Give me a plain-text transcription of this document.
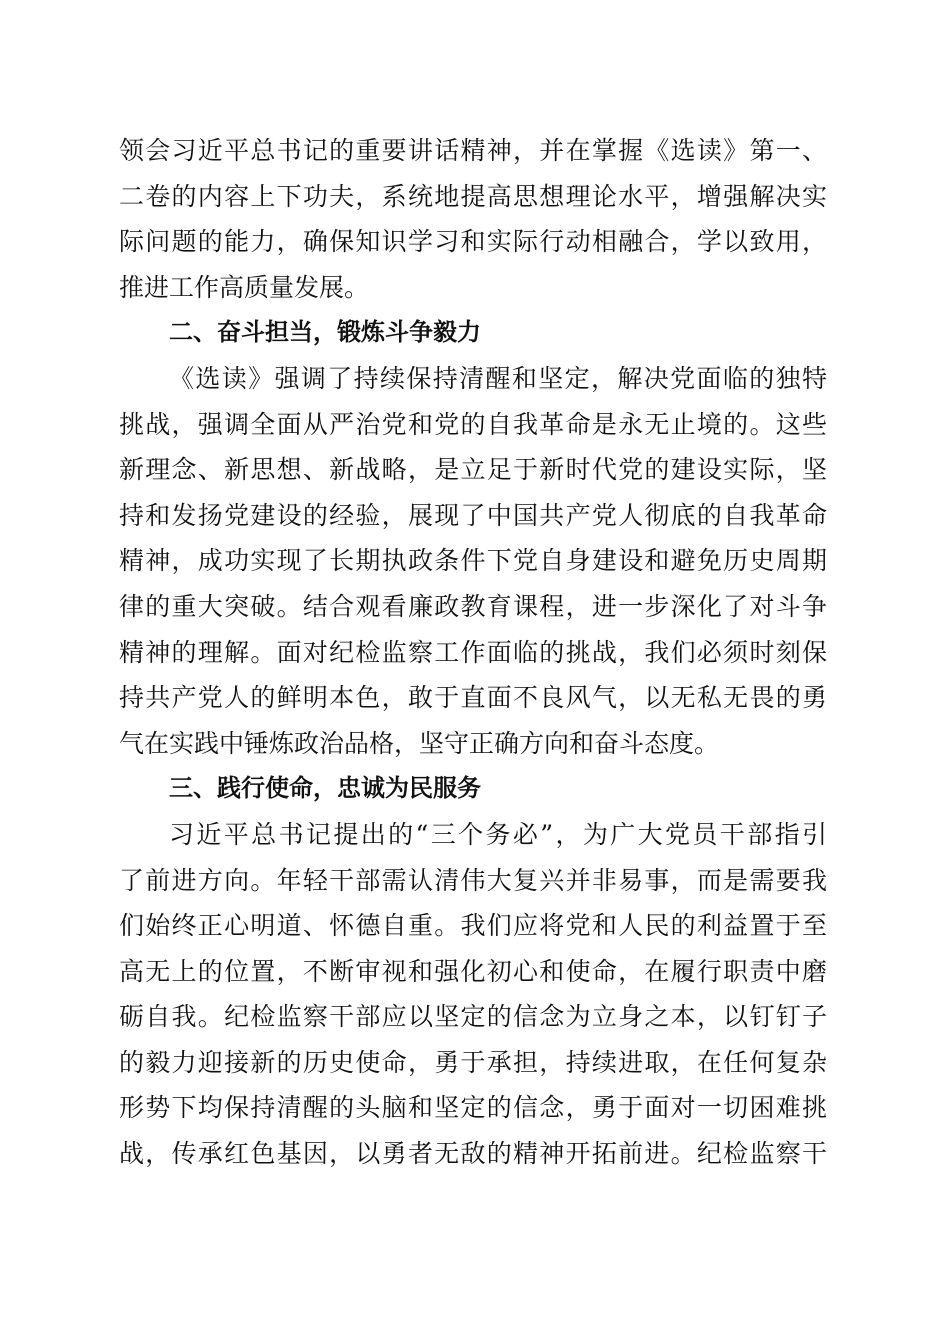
领会习近平总书记的重要讲话精神，并在掌握《选读》第一、
二卷的内容上下功夫，系统地提高思想理论水平，增强解决实
际问题的能力，确保知识学习和实际行动相融合，学以致用，
推进工作高质量发展。
二、奋斗担当，锻炼斗争毅力
《选读》强调了持续保持清醒和坚定，解决党面临的独特
挑战，强调全面从严治党和党的自我革命是永无止境的。这些
新理念、新思想、新战略，是立足于新时代党的建设实际，坚
持和发扬党建设的经验，展现了中国共产党人彻底的自我革命
精神，成功实现了长期执政条件下党自身建设和避免历史周期
律的重大突破。结合观看廉政教育课程，进一步深化了对斗争
精神的理解。面对纪检监察工作面临的挑战，我们必须时刻保
持共产党人的鲜明本色，敢于直面不良风气，以无私无畏的勇
气在实践中锤炼政治品格，坚守正确方向和奋斗态度。
三、践行使命，忠诚为民服务
习近平总书记提出的“三个务必”，为广大党员干部指引
了前进方向。年轻干部需认清伟大复兴并非易事，而是需要我
们始终正心明道、怀德自重。我们应将党和人民的利益置于至
高无上的位置，不断审视和强化初心和使命，在履行职责中磨
砺自我。纪检监察干部应以坚定的信念为立身之本，以钉钉子
的毅力迎接新的历史使命，勇于承担，持续进取，在任何复杂
形势下均保持清醒的头脑和坚定的信念，勇于面对一切困难挑
战，传承红色基因，以勇者无敌的精神开拓前进。纪检监察干
